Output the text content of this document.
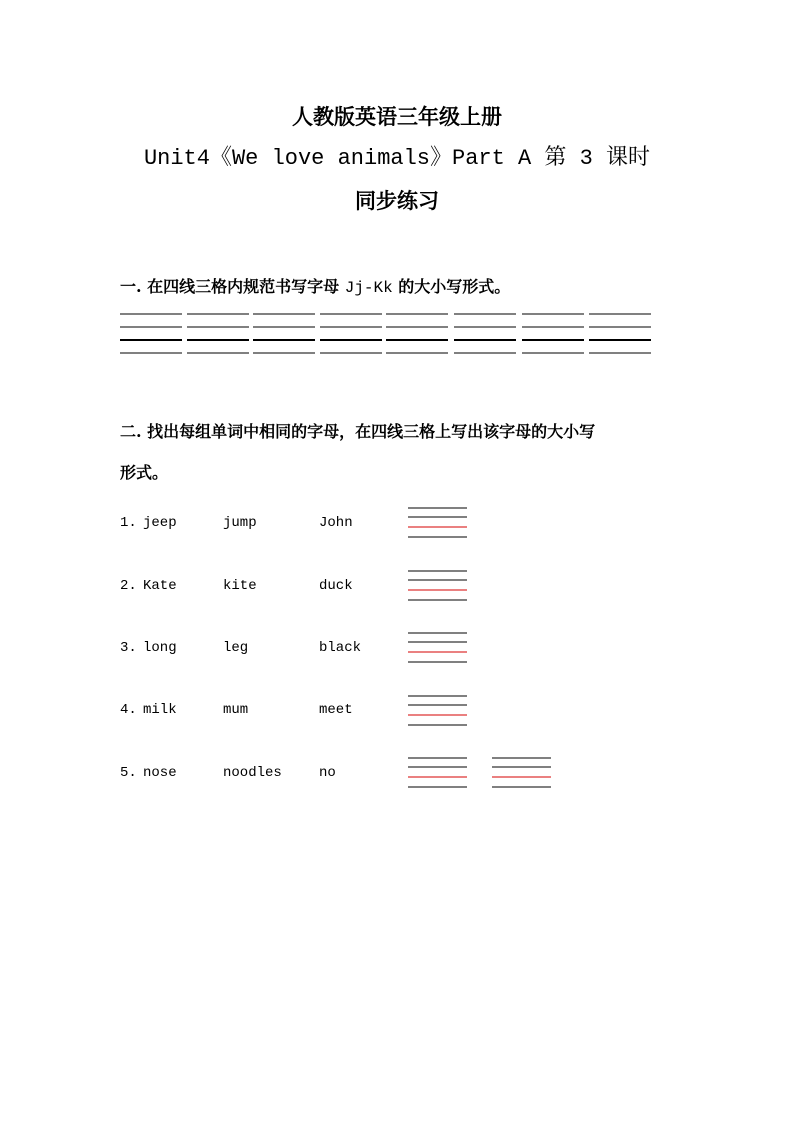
人教版英语三年级上册
Unit4《We love animals》Part A 第 3 课时
同步练习
一. 在四线三格内规范书写字母 Jj-Kk 的大小写形式。
二. 找出每组单词中相同的字母，在四线三格上写出该字母的大小写
形式。
1. jeep	jump	John
2. Kate	kite	duck
3. long	leg	black
4. milk	mum	meet
5. nose	noodles	no
